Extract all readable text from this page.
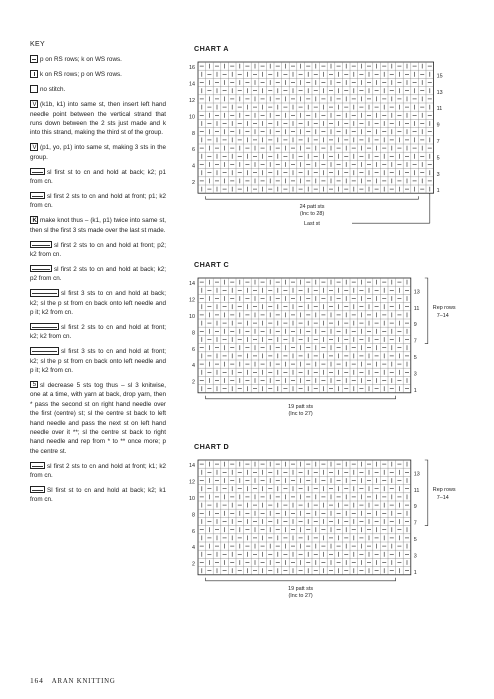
KEY
p on RS rows; k on WS rows.
k on RS rows; p on WS rows.
no stitch.
V(k1b, k1) into same st, then insert left hand needle point between the vertical strand that runs down between the 2 sts just made and k into this strand, making the third st of the group.
V(p1, yo, p1) into same st, making 3 sts in the group.
sl first st to cn and hold at back; k2; p1 from cn.
sl first 2 sts to cn and hold at front; p1; k2 from cn.
Kmake knot thus – (k1, p1) twice into same st, then sl the first 3 sts made over the last st made.
sl first 2 sts to cn and hold at front; p2; k2 from cn.
sl first 2 sts to cn and hold at back; k2; p2 from cn.
sl first 3 sts to cn and hold at back; k2; sl the p st from cn back onto left needle and p it; k2 from cn.
sl first 2 sts to cn and hold at front; k2; k2 from cn.
sl first 3 sts to cn and hold at front; k2; sl the p st from cn back onto left needle and p it; k2 from cn.
5sl decrease 5 sts tog thus – sl 3 knitwise, one at a time, with yarn at back, drop yarn, then * pass the second st on right hand needle over the first (centre) st; sl the centre st back to left hand needle and pass the next st on left hand needle over it **; sl the centre st back to right hand needle and rep from * to ** once more; p the centre st.
sl first 2 sts to cn and hold at front; k1; k2 from cn.
Sl first st to cn and hold at back; k2; k1 from cn.
CHART A
16
14
12
10
8
6
4
2
15
13
11
9
7
5
3
1
24 patt sts
(Inc to 28)
Last st
CHART C
14
12
10
8
6
4
2
13
11
9
7
5
3
1
Rep rows
7–14
19 patt sts
(Inc to 27)
CHART D
14
12
10
8
6
4
2
13
11
9
7
5
3
1
Rep rows
7–14
19 patt sts
(Inc to 27)
164 ARAN KNITTING
